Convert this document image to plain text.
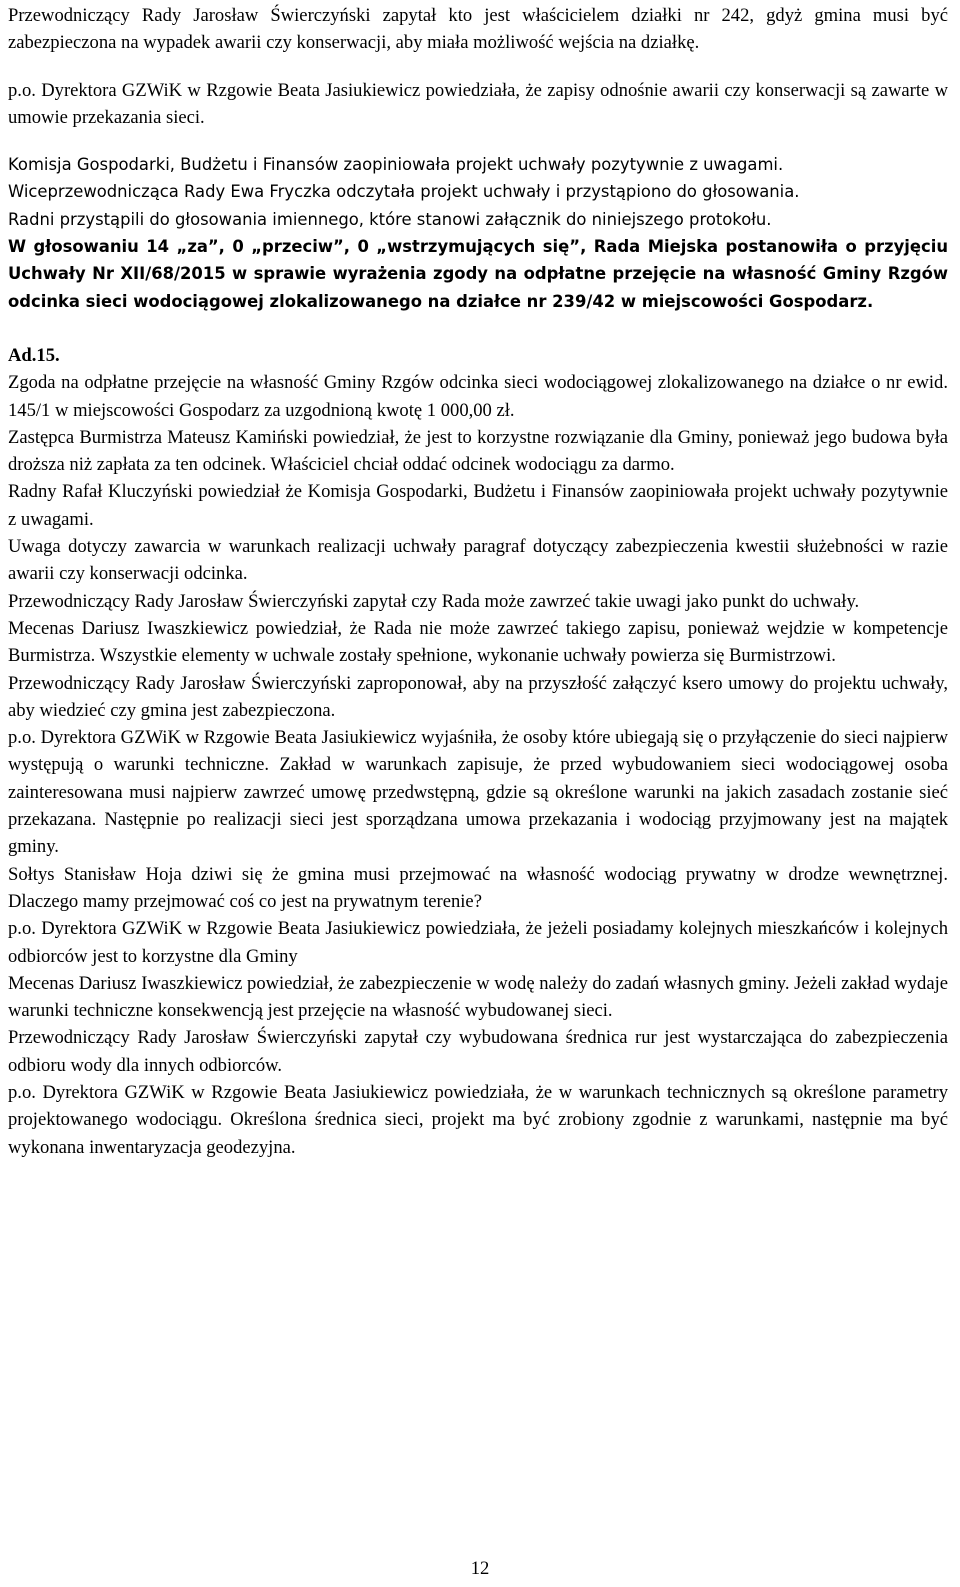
Przewodniczący Rady Jarosław Świerczyński zapytał kto jest właścicielem działki nr 242, gdyż gmina musi być zabezpieczona na wypadek awarii czy konserwacji, aby miała możliwość wejścia na działkę.

p.o. Dyrektora GZWiK w Rzgowie Beata Jasiukiewicz powiedziała, że zapisy odnośnie awarii czy konserwacji są zawarte w umowie przekazania sieci.

Komisja Gospodarki, Budżetu i Finansów zaopiniowała projekt uchwały pozytywnie z uwagami.

Wiceprzewodnicząca Rady Ewa Fryczka odczytała projekt uchwały i przystąpiono do głosowania.

Radni przystąpili do głosowania imiennego, które stanowi załącznik do niniejszego protokołu.

W głosowaniu 14 „za”, 0 „przeciw”, 0 „wstrzymujących się”, Rada Miejska postanowiła o przyjęciu Uchwały Nr XII/68/2015 w sprawie wyrażenia zgody na odpłatne przejęcie na własność Gminy Rzgów odcinka sieci wodociągowej zlokalizowanego na działce nr 239/42 w miejscowości Gospodarz.

Ad.15.

Zgoda na odpłatne przejęcie na własność Gminy Rzgów odcinka sieci wodociągowej zlokalizowanego na działce o nr ewid. 145/1 w miejscowości Gospodarz za uzgodnioną kwotę 1 000,00 zł.

Zastępca Burmistrza Mateusz Kamiński powiedział, że jest to korzystne rozwiązanie dla Gminy, ponieważ jego budowa była droższa niż zapłata za ten odcinek. Właściciel chciał oddać odcinek wodociągu za darmo.

Radny Rafał Kluczyński powiedział że Komisja Gospodarki, Budżetu i Finansów zaopiniowała projekt uchwały pozytywnie z uwagami.

Uwaga dotyczy zawarcia w warunkach realizacji uchwały paragraf dotyczący zabezpieczenia kwestii służebności w razie awarii czy konserwacji odcinka.

Przewodniczący Rady Jarosław Świerczyński zapytał czy Rada może zawrzeć takie uwagi jako punkt do uchwały.

Mecenas Dariusz Iwaszkiewicz powiedział, że Rada nie może zawrzeć takiego zapisu, ponieważ wejdzie w kompetencje Burmistrza. Wszystkie elementy w uchwale zostały spełnione, wykonanie uchwały powierza się Burmistrzowi.

Przewodniczący Rady Jarosław Świerczyński zaproponował, aby na przyszłość załączyć ksero umowy do projektu uchwały, aby wiedzieć czy gmina jest zabezpieczona.

p.o. Dyrektora GZWiK w Rzgowie Beata Jasiukiewicz wyjaśniła, że osoby które ubiegają się o przyłączenie do sieci najpierw występują o warunki techniczne. Zakład w warunkach zapisuje, że przed wybudowaniem sieci wodociągowej osoba zainteresowana musi najpierw zawrzeć umowę przedwstępną, gdzie są określone warunki na jakich zasadach zostanie sieć przekazana. Następnie po realizacji sieci jest sporządzana umowa przekazania i wodociąg przyjmowany jest na majątek gminy.

Sołtys Stanisław Hoja dziwi się że gmina musi przejmować na własność wodociąg prywatny w drodze wewnętrznej. Dlaczego mamy przejmować coś co jest na prywatnym terenie?

p.o. Dyrektora GZWiK w Rzgowie Beata Jasiukiewicz powiedziała, że jeżeli posiadamy kolejnych mieszkańców i kolejnych odbiorców jest to korzystne dla Gminy

Mecenas Dariusz Iwaszkiewicz powiedział, że zabezpieczenie w wodę należy do zadań własnych gminy. Jeżeli zakład wydaje warunki techniczne konsekwencją jest przejęcie na własność wybudowanej sieci.

Przewodniczący Rady Jarosław Świerczyński zapytał czy wybudowana średnica rur jest wystarczająca do zabezpieczenia odbioru wody dla innych odbiorców.

p.o. Dyrektora GZWiK w Rzgowie Beata Jasiukiewicz powiedziała, że w warunkach technicznych są określone parametry projektowanego wodociągu. Określona średnica sieci, projekt ma być zrobiony zgodnie z warunkami, następnie ma być wykonana inwentaryzacja geodezyjna.

12
